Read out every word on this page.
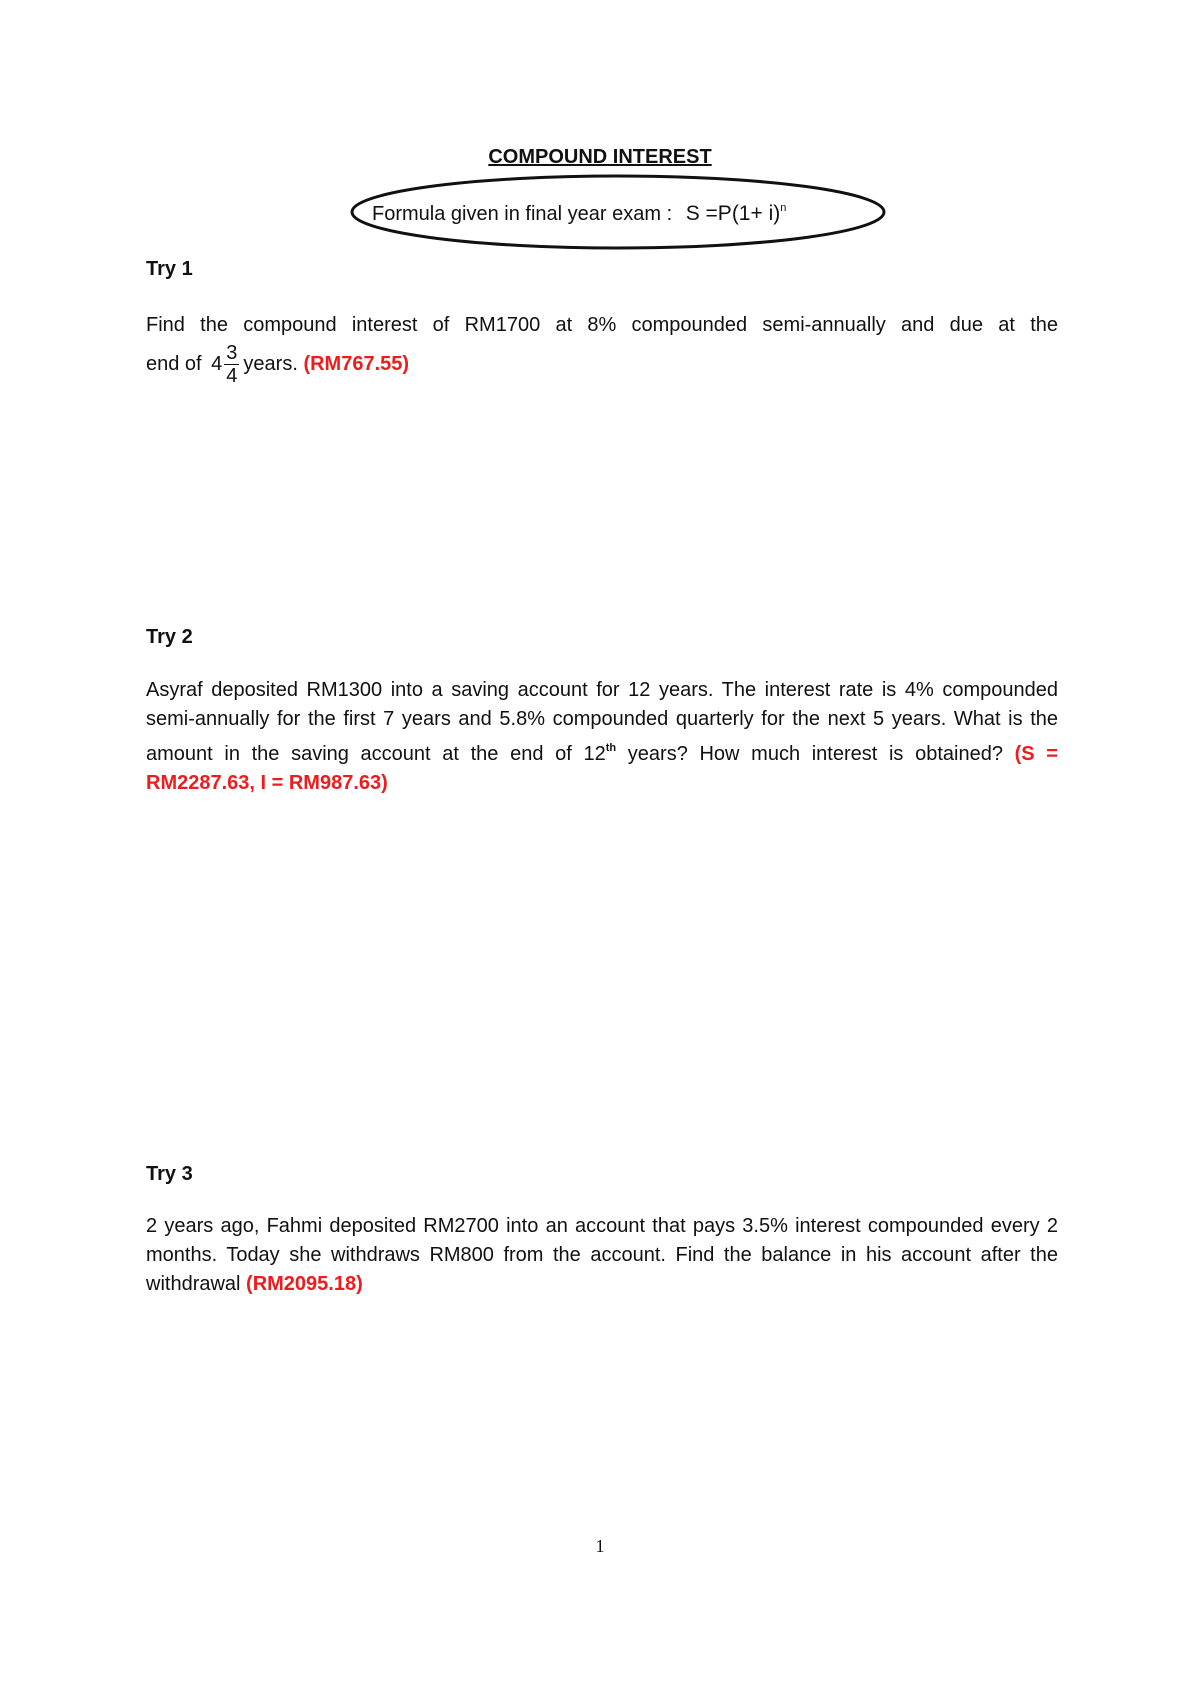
COMPOUND INTEREST
Formula given in final year exam : $S =P(1+ i)^n$
Try 1
Find the compound interest of RM1700 at 8% compounded semi-annually and due at the
end of $4 \frac{3}{4}$ years. (RM767.55)
Try 2
Asyraf deposited RM1300 into a saving account for 12 years. The interest rate is 4% compounded semi-annually for the first 7 years and 5.8% compounded quarterly for the next 5 years. What is the amount in the saving account at the end of 12th years? How much interest is obtained? (S = RM2287.63, I = RM987.63)
Try 3
2 years ago, Fahmi deposited RM2700 into an account that pays 3.5% interest compounded every 2 months. Today she withdraws RM800 from the account. Find the balance in his account after the withdrawal (RM2095.18)
1
